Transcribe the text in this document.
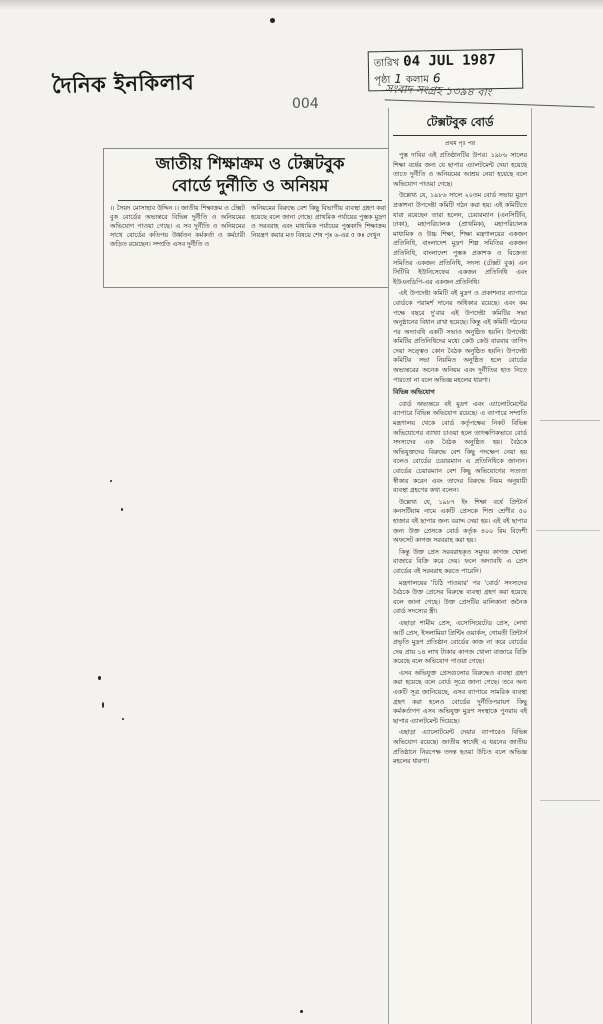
দৈনিক ইনকিলাব
004
তারিখ 04 JUL 1987
পৃষ্ঠা 1 কলাম 6
সংবাদ সংগ্রহ ১৩৯৪ বাং
জাতীয় শিক্ষাক্রম ও টেক্সটবুক
বোর্ডে দুর্নীতি ও অনিয়ম
।। সৈয়দ মোসাহাব উদ্দিন ।। জাতীয় শিক্ষাক্রম ও টেক্সট বুক বোর্ডের অভ্যন্তরে বিভিন্ন দুর্নীতি ও অনিয়মের অভিযোগ পাওয়া গেছে। এ সব দুর্নীতি ও অনিয়মের সাথে বোর্ডের কতিপয় উর্ধ্বতন কর্মকর্তা ও কর্মচারী জড়িত রয়েছেন। সম্প্রতি এসব দুর্নীতি ও
অনিয়মের বিরুদ্ধে বেশ কিছু বিভাগীয় ব্যবস্থা গ্রহণ করা হয়েছে বলে জানা গেছে। প্রাথমিক পর্যায়ের পুস্তক মুদ্রণ ও সরবরাহ এবং মাধ্যমিক পর্যায়ের পুস্তকাদি শিক্ষাক্রম নিয়ন্ত্রণ করার মত বিষয়ে শেষ পৃঃ ৬-এর ৫ কঃ দেখুন
টেক্সটবুক বোর্ড
প্রথম পৃঃ পর

পুস্ত দাবির এই প্রতিষ্ঠানটির উপর। ১৯৮৬ সালের শিক্ষা বর্ষের জন্য যে ছাপার এ্যালটমেন্ট দেয়া হয়েছে তাতে দুর্নীতি ও অনিয়মের আশ্রয় নেয়া হয়েছে বলে অভিযোগ পাওয়া গেছে।

উল্লেখ্য যে, ১৯৮৬ সালে ২০তম বোর্ড সভায় মুদ্রণ প্রকাশনা উপদেষ্টা কমিটি গঠন করা হয়। এই কমিটিতে যারা রয়েছেন তারা হলেন, চেয়ারম্যান (এনসিটিবি, ঢাকা), মহাপরিচালক (প্রাথমিক), মহাপরিচালক মাধ্যমিক ও উচ্চ শিক্ষা, শিক্ষা মন্ত্রণালয়ের একজন প্রতিনিধি, বাংলাদেশ মুদ্রণ শিল্প সমিতির একজন প্রতিনিধি, বাংলাদেশ পুস্তক প্রকাশক ও বিক্রেতা সমিতির একজন প্রতিনিধি, সদস্য (টেক্সট বুক) এন সিটিবি ইউনিসেফের একজন প্রতিনিধি এবং ইউএনডিপি-এর একজন প্রতিনিধি।

এই উপদেষ্টা কমিটি বই মুদ্রণ ও প্রকাশনার ব্যাপারে বোর্ডকে পরামর্শ দানের অধিকার রয়েছে। এবং কম পক্ষে বছরে দু'বার এই উপদেষ্টা কমিটির সভা অনুষ্ঠানের বিধান রাখা হয়েছে। কিন্তু এই কমিটি গঠনের পর অদ্যাবধি একটি সভাও অনুষ্ঠিত হয়নি। উপদেষ্টা কমিটির প্রতিনিধিদের মধ্যে কেউ কেউ বারবার তাগিদ দেয়া সত্ত্বেও কোন বৈঠক অনুষ্ঠিত হয়নি। উপদেষ্টা কমিটির সভা নিয়মিত অনুষ্ঠিত হলে বোর্ডের অভ্যন্তরের অনেক অনিয়ম এবং দুর্নীতির হাত নিতে পারতো না বলে অভিজ্ঞ মহলের ধারণা।

বিভিন্ন অভিযোগ

বোর্ড অভ্যন্তরে বই মুদ্রণ এবং এ্যালোটমেন্টের ব্যাপারে বিভিন্ন অভিযোগ রয়েছে। এ ব্যাপারে সম্প্রতি মন্ত্রণালয় থেকে বোর্ড কর্তৃপক্ষের নিকট বিভিন্ন অভিযোগের ব্যাখ্যা চাওয়া হলে তাৎক্ষণিকভাবে বোর্ড সদস্যদের এক বৈঠক অনুষ্ঠিত হয়। বৈঠকে অভিযুক্তদের বিরুদ্ধে বেশ কিছু পদক্ষেপ নেয়া হয় বলেও বোর্ডের চেয়ারম্যান এ প্রতিনিধিকে জানান। বোর্ডের চেয়ারম্যান বেশ কিছু অভিযোগের সত্যতা স্বীকার করেন এবং তাদের বিরুদ্ধে নিয়ম অনুযায়ী ব্যবস্থা গ্রহণের কথা বলেন।

উল্লেখ্য যে, ১৯৮৭ ইং শিক্ষা বর্ষে প্রিন্টার্স কনসর্টিয়াম নামে একটি প্রেসকে শিশু শ্রেণীর ৫০ হাজার বই ছাপার জন্য বরাদ্দ দেয়া হয়। এই বই ছাপার জন্য উক্ত প্রেসকে বোর্ড কর্তৃক ৪০০ রিম বিদেশী অফসেট কাগজ সরবরাহ করা হয়।

কিন্তু উক্ত প্রেস সরবরাহকৃত সমুদয় কাগজ খোলা বাজারে বিক্রি করে দেয়। ফলে অদ্যাবধি এ প্রেস বোর্ডের বই সরবরাহ করতে পারেনি।

মন্ত্রণালয়ের 'চিঠি পাওয়ার' পর 'বোর্ড' সদস্যদের বৈঠকে উক্ত প্রেসের বিরুদ্ধে ব্যবস্থা গ্রহণ করা হয়েছে বলে জানা গেছে। উক্ত প্রেসটির মালিকানা জনৈক বোর্ড সদস্যের স্ত্রী।

এছাড়া শামীম প্রেস, এসোসিয়েটেড প্রেস, লেখা আর্ট প্রেস, ইসলামিয়া প্রিন্টিং ওয়ার্কস, গোমতী প্রিন্টার্স প্রভৃতি মুদ্রণ প্রতিষ্ঠান বোর্ডের কাজ না করে বোর্ডের দেয় প্রায় ১৪ লাখ টাকার কাগজ খোলা বাজারে বিক্রি করেছে বলে অভিযোগ পাওয়া গেছে।

এসব অভিযুক্ত প্রেসগুলোর বিরুদ্ধেও ব্যবস্থা গ্রহণ করা হয়েছে বলে বোর্ড সূত্রে জানা গেছে। তবে অন্য একটি সূত্র জানিয়েছে, এসব ব্যাপারে সামরিক ব্যবস্থা গ্রহণ করা হলেও বোর্ডের দুর্নীতিপরায়ণ কিছু কর্মকর্তাগণ এসব অভিযুক্ত মুদ্রণ সংস্থাকে পুনরায় বই ছাপার এ্যালটমেন্ট দিয়েছে।

এছাড়া এ্যালোটমেন্ট দেয়ার ব্যাপারেও বিভিন্ন অভিযোগ রয়েছে। জাতীয় স্বার্থেই এ ধরনের জাতীয় প্রতিষ্ঠানে নিরপেক্ষ তদন্ত হওয়া উচিত বলে অভিজ্ঞ মহলের ধারণা।
